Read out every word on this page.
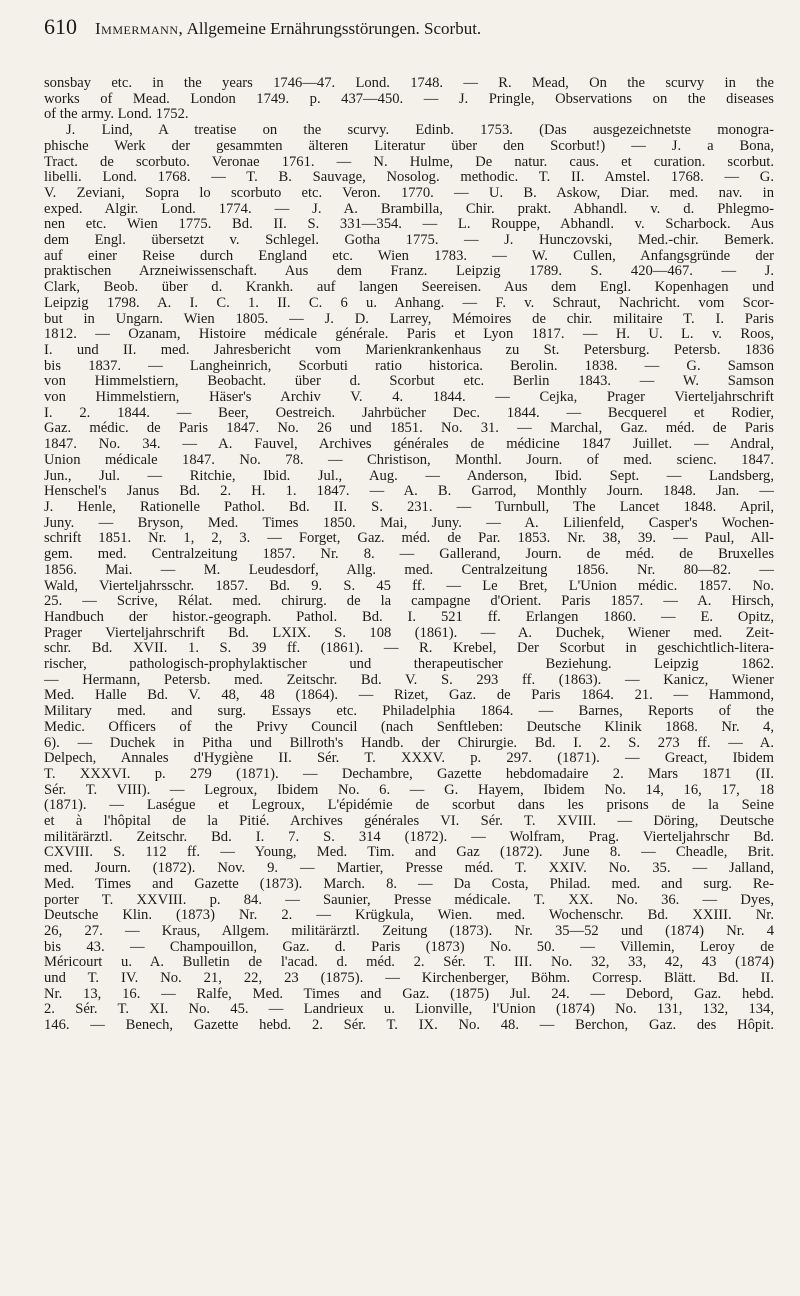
610 Immermann, Allgemeine Ernährungsstörungen. Scorbut.
sonsbay etc. in the years 1746—47. Lond. 1748. — R. Mead, On the scurvy in the
works of Mead. London 1749. p. 437—450. — J. Pringle, Observations on the diseases
of the army. Lond. 1752.
J. Lind, A treatise on the scurvy. Edinb. 1753. (Das ausgezeichnetste monogra-
phische Werk der gesammten älteren Literatur über den Scorbut!) — J. a Bona,
Tract. de scorbuto. Veronae 1761. — N. Hulme, De natur. caus. et curation. scorbut.
libelli. Lond. 1768. — T. B. Sauvage, Nosolog. methodic. T. II. Amstel. 1768. — G.
V. Zeviani, Sopra lo scorbuto etc. Veron. 1770. — U. B. Askow, Diar. med. nav. in
exped. Algir. Lond. 1774. — J. A. Brambilla, Chir. prakt. Abhandl. v. d. Phlegmo-
nen etc. Wien 1775. Bd. II. S. 331—354. — L. Rouppe, Abhandl. v. Scharbock. Aus
dem Engl. übersetzt v. Schlegel. Gotha 1775. — J. Hunczovski, Med.-chir. Bemerk.
auf einer Reise durch England etc. Wien 1783. — W. Cullen, Anfangsgründe der
praktischen Arzneiwissenschaft. Aus dem Franz. Leipzig 1789. S. 420—467. — J.
Clark, Beob. über d. Krankh. auf langen Seereisen. Aus dem Engl. Kopenhagen und
Leipzig 1798. A. I. C. 1. II. C. 6 u. Anhang. — F. v. Schraut, Nachricht. vom Scor-
but in Ungarn. Wien 1805. — J. D. Larrey, Mémoires de chir. militaire T. I. Paris
1812. — Ozanam, Histoire médicale générale. Paris et Lyon 1817. — H. U. L. v. Roos,
I. und II. med. Jahresbericht vom Marienkrankenhaus zu St. Petersburg. Petersb. 1836
bis 1837. — Langheinrich, Scorbuti ratio historica. Berolin. 1838. — G. Samson
von Himmelstiern, Beobacht. über d. Scorbut etc. Berlin 1843. — W. Samson
von Himmelstiern, Häser's Archiv V. 4. 1844. — Cejka, Prager Vierteljahrschrift
I. 2. 1844. — Beer, Oestreich. Jahrbücher Dec. 1844. — Becquerel et Rodier,
Gaz. médic. de Paris 1847. No. 26 und 1851. No. 31. — Marchal, Gaz. méd. de Paris
1847. No. 34. — A. Fauvel, Archives générales de médicine 1847 Juillet. — Andral,
Union médicale 1847. No. 78. — Christison, Monthl. Journ. of med. scienc. 1847.
Jun., Jul. — Ritchie, Ibid. Jul., Aug. — Anderson, Ibid. Sept. — Landsberg,
Henschel's Janus Bd. 2. H. 1. 1847. — A. B. Garrod, Monthly Journ. 1848. Jan. —
J. Henle, Rationelle Pathol. Bd. II. S. 231. — Turnbull, The Lancet 1848. April,
Juny. — Bryson, Med. Times 1850. Mai, Juny. — A. Lilienfeld, Casper's Wochen-
schrift 1851. Nr. 1, 2, 3. — Forget, Gaz. méd. de Par. 1853. Nr. 38, 39. — Paul, All-
gem. med. Centralzeitung 1857. Nr. 8. — Gallerand, Journ. de méd. de Bruxelles
1856. Mai. — M. Leudesdorf, Allg. med. Centralzeitung 1856. Nr. 80—82. —
Wald, Vierteljahrsschr. 1857. Bd. 9. S. 45 ff. — Le Bret, L'Union médic. 1857. No.
25. — Scrive, Rélat. med. chirurg. de la campagne d'Orient. Paris 1857. — A. Hirsch,
Handbuch der histor.-geograph. Pathol. Bd. I. 521 ff. Erlangen 1860. — E. Opitz,
Prager Vierteljahrschrift Bd. LXIX. S. 108 (1861). — A. Duchek, Wiener med. Zeit-
schr. Bd. XVII. 1. S. 39 ff. (1861). — R. Krebel, Der Scorbut in geschichtlich-litera-
rischer, pathologisch-prophylaktischer und therapeutischer Beziehung. Leipzig 1862.
— Hermann, Petersb. med. Zeitschr. Bd. V. S. 293 ff. (1863). — Kanicz, Wiener
Med. Halle Bd. V. 48, 48 (1864). — Rizet, Gaz. de Paris 1864. 21. — Hammond,
Military med. and surg. Essays etc. Philadelphia 1864. — Barnes, Reports of the
Medic. Officers of the Privy Council (nach Senftleben: Deutsche Klinik 1868. Nr. 4,
6). — Duchek in Pitha und Billroth's Handb. der Chirurgie. Bd. I. 2. S. 273 ff. — A.
Delpech, Annales d'Hygiène II. Sér. T. XXXV. p. 297. (1871). — Greact, Ibidem
T. XXXVI. p. 279 (1871). — Dechambre, Gazette hebdomadaire 2. Mars 1871 (II.
Sér. T. VIII). — Legroux, Ibidem No. 6. — G. Hayem, Ibidem No. 14, 16, 17, 18
(1871). — Laségue et Legroux, L'épidémie de scorbut dans les prisons de la Seine
et à l'hôpital de la Pitié. Archives générales VI. Sér. T. XVIII. — Döring, Deutsche
militärärztl. Zeitschr. Bd. I. 7. S. 314 (1872). — Wolfram, Prag. Vierteljahrschr Bd.
CXVIII. S. 112 ff. — Young, Med. Tim. and Gaz (1872). June 8. — Cheadle, Brit.
med. Journ. (1872). Nov. 9. — Martier, Presse méd. T. XXIV. No. 35. — Jalland,
Med. Times and Gazette (1873). March. 8. — Da Costa, Philad. med. and surg. Re-
porter T. XXVIII. p. 84. — Saunier, Presse médicale. T. XX. No. 36. — Dyes,
Deutsche Klin. (1873) Nr. 2. — Krügkula, Wien. med. Wochenschr. Bd. XXIII. Nr.
26, 27. — Kraus, Allgem. militärärztl. Zeitung (1873). Nr. 35—52 und (1874) Nr. 4
bis 43. — Champouillon, Gaz. d. Paris (1873) No. 50. — Villemin, Leroy de
Méricourt u. A. Bulletin de l'acad. d. méd. 2. Sér. T. III. No. 32, 33, 42, 43 (1874)
und T. IV. No. 21, 22, 23 (1875). — Kirchenberger, Böhm. Corresp. Blätt. Bd. II.
Nr. 13, 16. — Ralfe, Med. Times and Gaz. (1875) Jul. 24. — Debord, Gaz. hebd.
2. Sér. T. XI. No. 45. — Landrieux u. Lionville, l'Union (1874) No. 131, 132, 134,
146. — Benech, Gazette hebd. 2. Sér. T. IX. No. 48. — Berchon, Gaz. des Hôpit.
